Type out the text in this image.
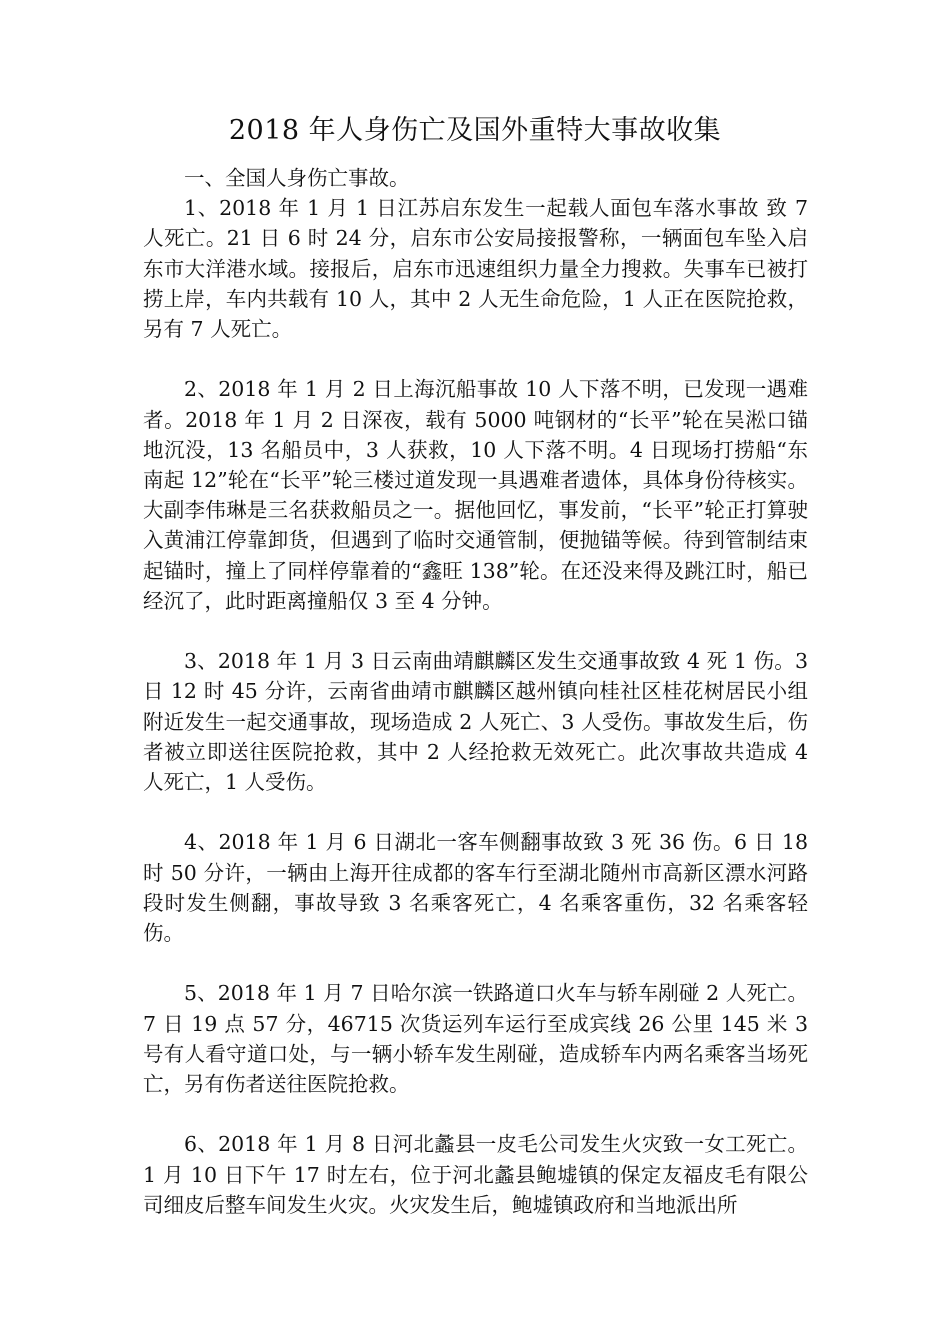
2018 年人身伤亡及国外重特大事故收集

一、全国人身伤亡事故。

1、2018 年 1 月 1 日江苏启东发生一起载人面包车落水事故 致 7 人死亡。21 日 6 时 24 分，启东市公安局接报警称，一辆面包车坠入启东市大洋港水域。接报后，启东市迅速组织力量全力搜救。失事车已被打捞上岸，车内共载有 10 人，其中 2 人无生命危险，1 人正在医院抢救，另有 7 人死亡。

2、2018 年 1 月 2 日上海沉船事故 10 人下落不明，已发现一遇难者。2018 年 1 月 2 日深夜，载有 5000 吨钢材的“长平”轮在吴淞口锚地沉没，13 名船员中，3 人获救，10 人下落不明。4 日现场打捞船“东南起 12”轮在“长平”轮三楼过道发现一具遇难者遗体，具体身份待核实。大副李伟琳是三名获救船员之一。据他回忆，事发前，“长平”轮正打算驶入黄浦江停靠卸货，但遇到了临时交通管制，便抛锚等候。待到管制结束起锚时，撞上了同样停靠着的“鑫旺 138”轮。在还没来得及跳江时，船已经沉了，此时距离撞船仅 3 至 4 分钟。

3、2018 年 1 月 3 日云南曲靖麒麟区发生交通事故致 4 死 1 伤。3 日 12 时 45 分许，云南省曲靖市麒麟区越州镇向桂社区桂花树居民小组附近发生一起交通事故，现场造成 2 人死亡、3 人受伤。事故发生后，伤者被立即送往医院抢救，其中 2 人经抢救无效死亡。此次事故共造成 4 人死亡，1 人受伤。

4、2018 年 1 月 6 日湖北一客车侧翻事故致 3 死 36 伤。6 日 18 时 50 分许，一辆由上海开往成都的客车行至湖北随州市高新区漂水河路段时发生侧翻，事故导致 3 名乘客死亡，4 名乘客重伤，32 名乘客轻伤。

5、2018 年 1 月 7 日哈尔滨一铁路道口火车与轿车剐碰 2 人死亡。7 日 19 点 57 分，46715 次货运列车运行至成宾线 26 公里 145 米 3 号有人看守道口处，与一辆小轿车发生剐碰，造成轿车内两名乘客当场死亡，另有伤者送往医院抢救。

6、2018 年 1 月 8 日河北蠡县一皮毛公司发生火灾致一女工死亡。1 月 10 日下午 17 时左右，位于河北蠡县鲍墟镇的保定友福皮毛有限公司细皮后整车间发生火灾。火灾发生后，鲍墟镇政府和当地派出所
